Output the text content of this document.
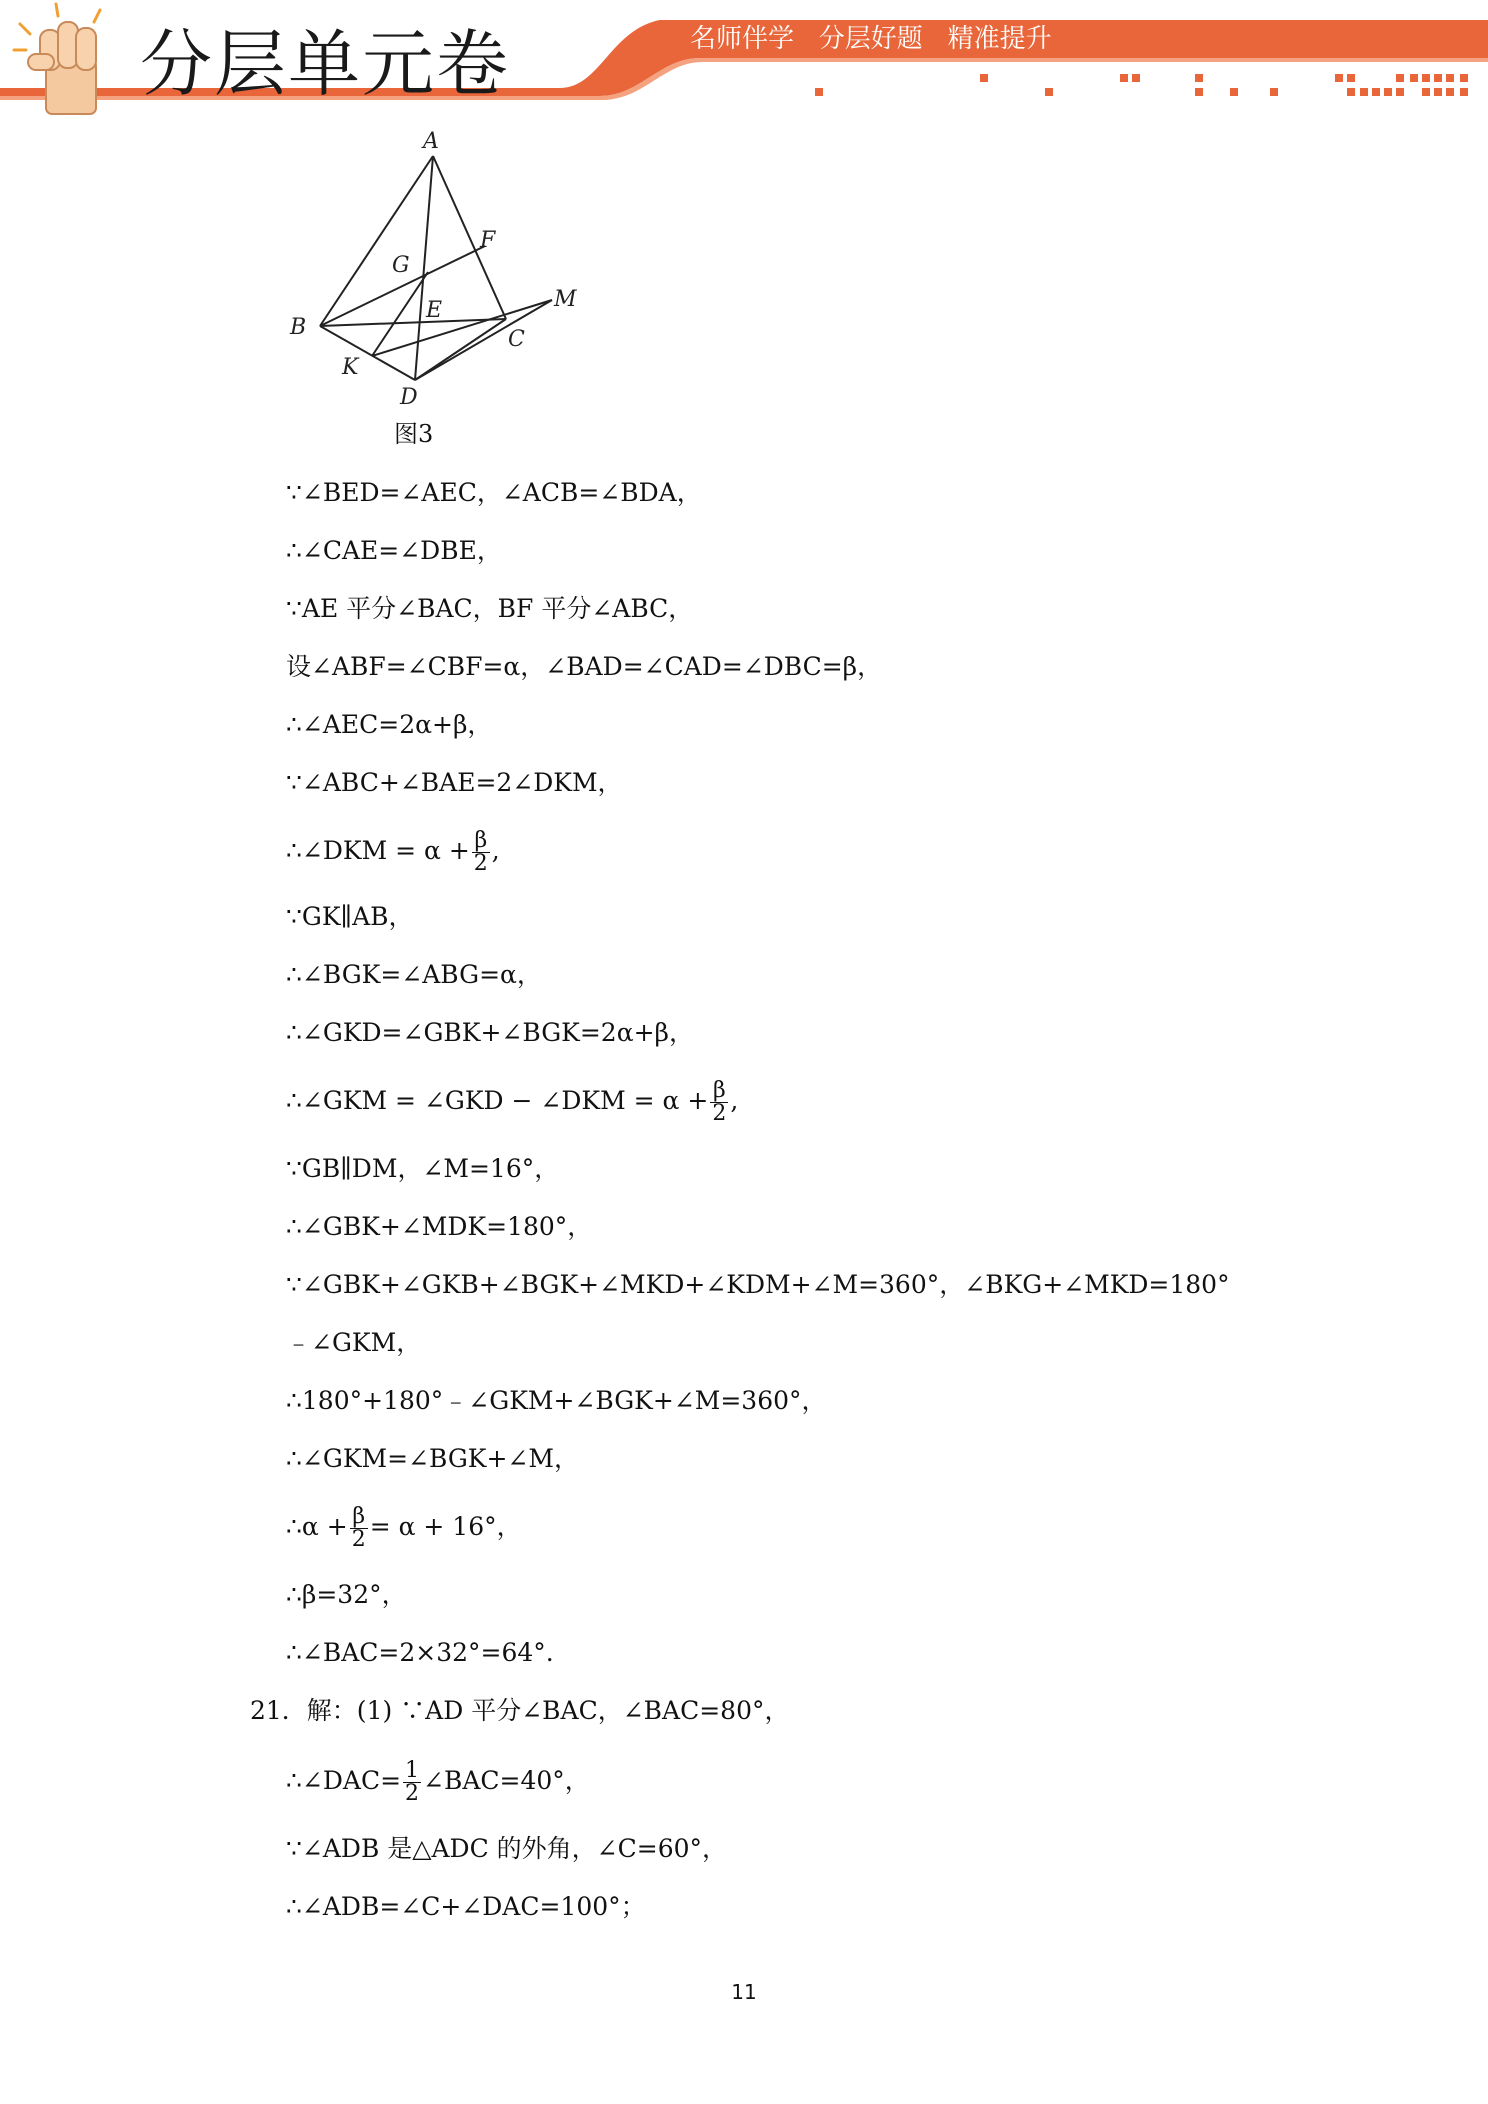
分层单元卷	名师伴学   分层好题   精准提升
A
B	C
D
E
F
G
K
M
图3
∵∠BED=∠AEC，∠ACB=∠BDA，
∴∠CAE=∠DBE，
∵AE 平分∠BAC，BF 平分∠ABC，
设∠ABF=∠CBF=α，∠BAD=∠CAD=∠DBC=β，
∴∠AEC=2α+β，
∵∠ABC+∠BAE=2∠DKM，
∴∠DKM = $\alpha + \frac{\beta}{2}$ ,
∵GK∥AB，
∴∠BGK=∠ABG=α，
∴∠GKD=∠GBK+∠BGK=2α+β，
∴∠GKM = ∠GKD − ∠DKM = $\alpha + \frac{\beta}{2}$ ,
∵GB∥DM，∠M=16°，
∴∠GBK+∠MDK=180°，
∵∠GBK+∠GKB+∠BGK+∠MKD+∠KDM+∠M=360°，∠BKG+∠MKD=180°
﹣∠GKM，
∴180°+180°﹣∠GKM+∠BGK+∠M=360°，
∴∠GKM=∠BGK+∠M，
∴α + $\frac{\beta}{2} = \alpha + 16^\circ$，
∴β=32°，
∴∠BAC=2×32°=64°.
21．解：(1) ∵AD 平分∠BAC，∠BAC=80°，
∴∠DAC= $\frac{1}{2}$ ∠BAC=40°，
∵∠ADB 是△ADC 的外角，∠C=60°，
∴∠ADB=∠C+∠DAC=100°；
11
